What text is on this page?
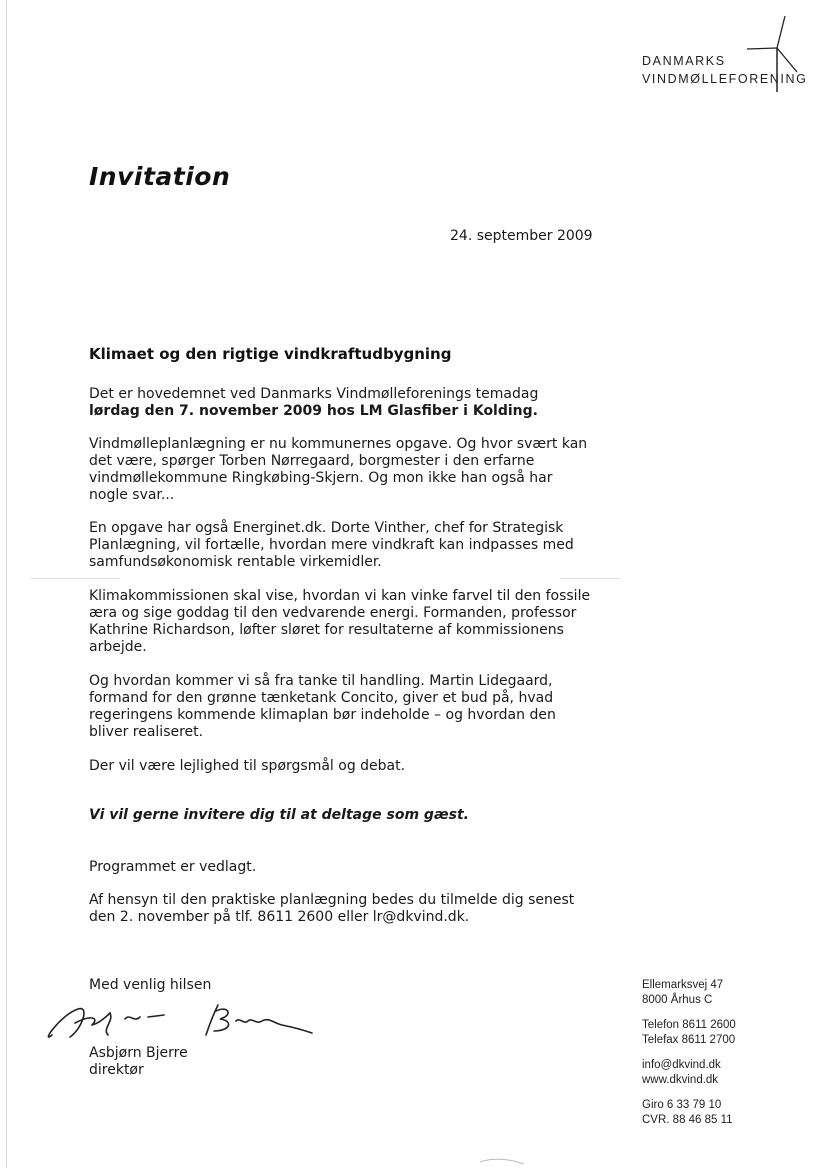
DANMARKS
VINDMØLLEFORENING
Invitation
24. september 2009
Klimaet og den rigtige vindkraftudbygning

Det er hovedemnet ved Danmarks Vindmølleforenings temadag

lørdag den 7. november 2009 hos LM Glasfiber i Kolding.

Vindmølleplanlægning er nu kommunernes opgave. Og hvor svært kan

det være, spørger Torben Nørregaard, borgmester i den erfarne

vindmøllekommune Ringkøbing-Skjern. Og mon ikke han også har

nogle svar...

En opgave har også Energinet.dk. Dorte Vinther, chef for Strategisk

Planlægning, vil fortælle, hvordan mere vindkraft kan indpasses med

samfundsøkonomisk rentable virkemidler.

Klimakommissionen skal vise, hvordan vi kan vinke farvel til den fossile

æra og sige goddag til den vedvarende energi. Formanden, professor

Kathrine Richardson, løfter sløret for resultaterne af kommissionens

arbejde.

Og hvordan kommer vi så fra tanke til handling. Martin Lidegaard,

formand for den grønne tænketank Concito, giver et bud på, hvad

regeringens kommende klimaplan bør indeholde – og hvordan den

bliver realiseret.

Der vil være lejlighed til spørgsmål og debat.

Vi vil gerne invitere dig til at deltage som gæst.

Programmet er vedlagt.

Af hensyn til den praktiske planlægning bedes du tilmelde dig senest

den 2. november på tlf. 8611 2600 eller lr@dkvind.dk.

Med venlig hilsen
Asbjørn Bjerre
direktør
Ellemarksvej 47
8000 Århus C
Telefon 8611 2600
Telefax 8611 2700
info@dkvind.dk
www.dkvind.dk
Giro 6 33 79 10
CVR. 88 46 85 11
